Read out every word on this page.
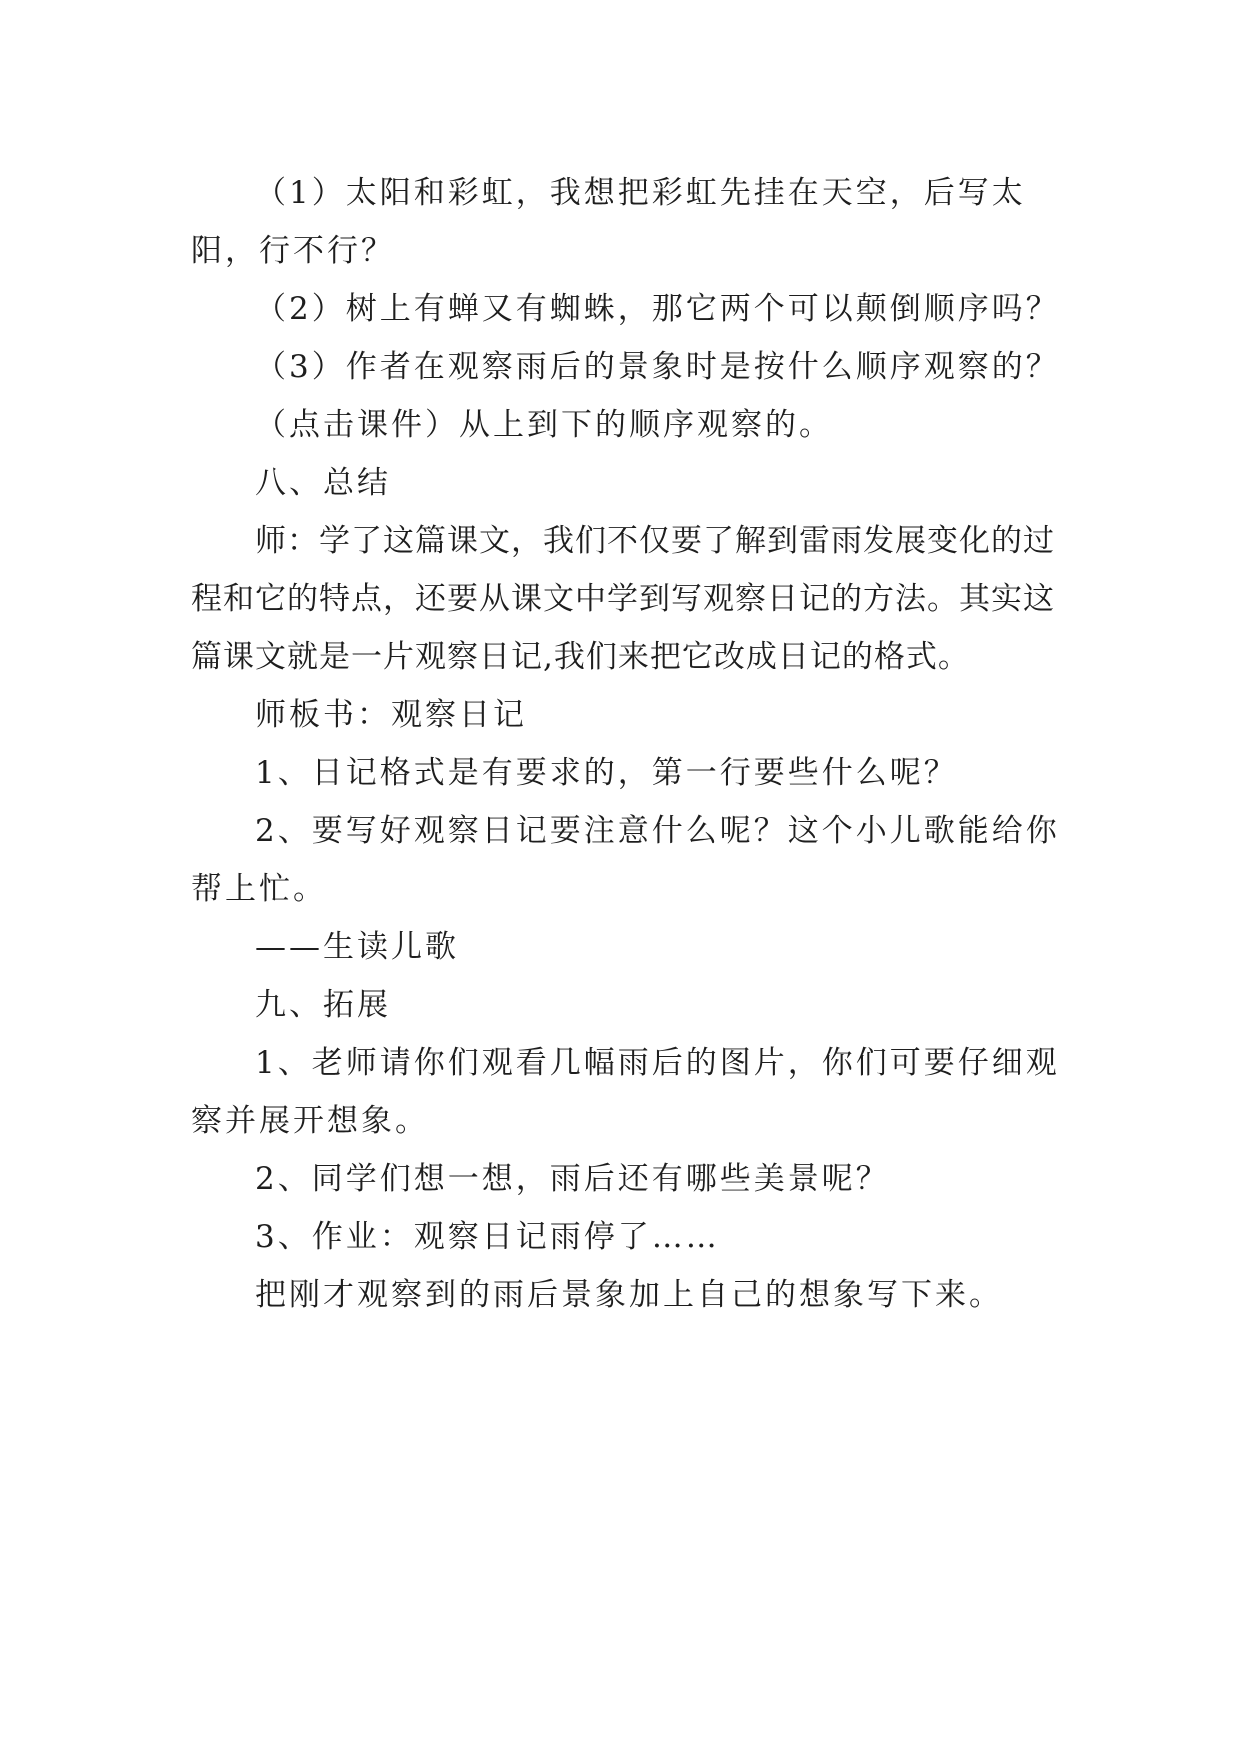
（1）太阳和彩虹，我想把彩虹先挂在天空，后写太阳，行不行？

（2）树上有蝉又有蜘蛛，那它两个可以颠倒顺序吗？

（3）作者在观察雨后的景象时是按什么顺序观察的？

（点击课件）从上到下的顺序观察的。

八、总结

师：学了这篇课文，我们不仅要了解到雷雨发展变化的过程和它的特点，还要从课文中学到写观察日记的方法。其实这篇课文就是一片观察日记,我们来把它改成日记的格式。

师板书：观察日记

1、日记格式是有要求的，第一行要些什么呢？

2、要写好观察日记要注意什么呢？这个小儿歌能给你帮上忙。

——生读儿歌

九、拓展

1、老师请你们观看几幅雨后的图片，你们可要仔细观察并展开想象。

2、同学们想一想，雨后还有哪些美景呢？

3、作业：观察日记雨停了……

把刚才观察到的雨后景象加上自己的想象写下来。
